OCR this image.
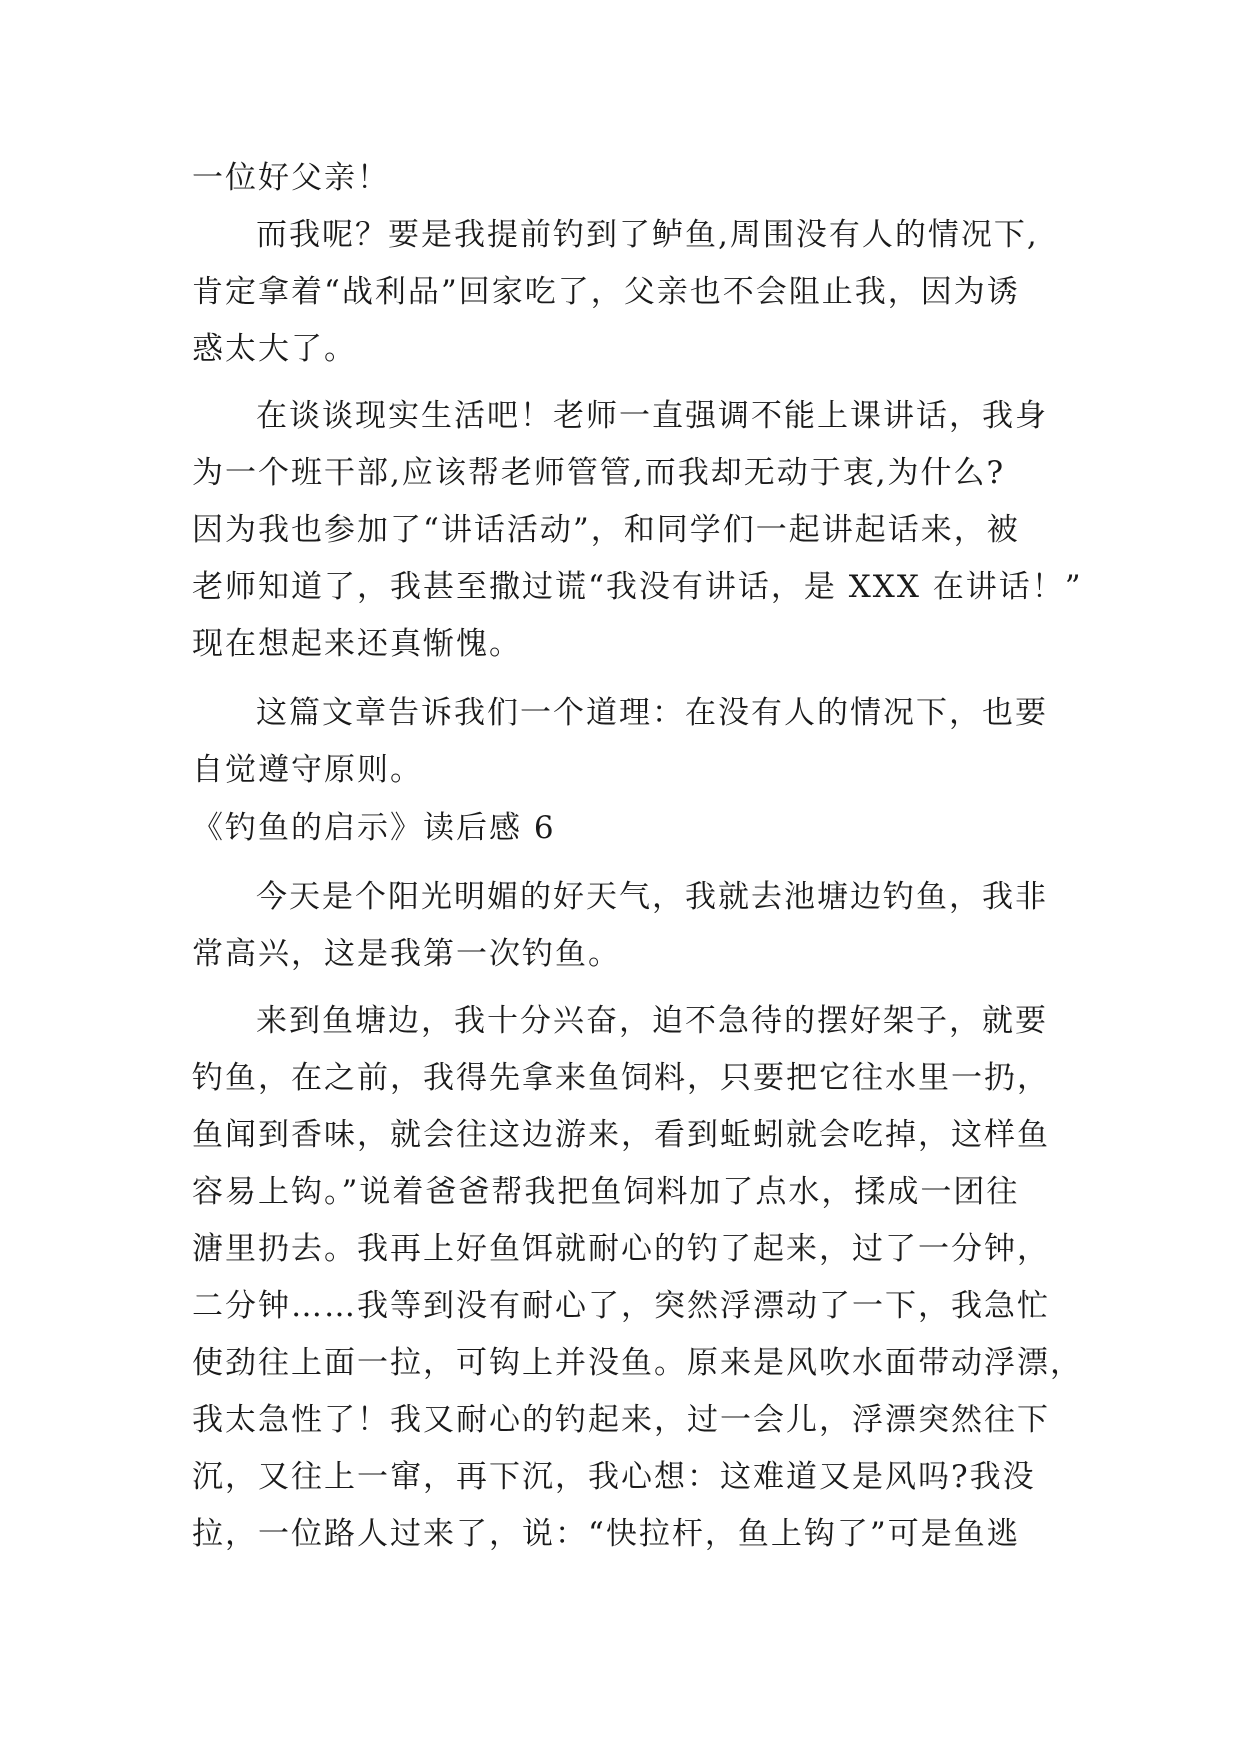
一位好父亲！
而我呢？要是我提前钓到了鲈鱼,周围没有人的情况下,
肯定拿着“战利品”回家吃了，父亲也不会阻止我，因为诱
惑太大了。
在谈谈现实生活吧！老师一直强调不能上课讲话，我身
为一个班干部,应该帮老师管管,而我却无动于衷,为什么?
因为我也参加了“讲话活动”，和同学们一起讲起话来，被
老师知道了，我甚至撒过谎“我没有讲话，是 XXX 在讲话！”
现在想起来还真惭愧。
这篇文章告诉我们一个道理：在没有人的情况下，也要
自觉遵守原则。
《钓鱼的启示》读后感 6
今天是个阳光明媚的好天气，我就去池塘边钓鱼，我非
常高兴，这是我第一次钓鱼。
来到鱼塘边，我十分兴奋，迫不急待的摆好架子，就要
钓鱼，在之前，我得先拿来鱼饲料，只要把它往水里一扔，
鱼闻到香味，就会往这边游来，看到蚯蚓就会吃掉，这样鱼
容易上钩。”说着爸爸帮我把鱼饲料加了点水，揉成一团往
溏里扔去。我再上好鱼饵就耐心的钓了起来，过了一分钟，
二分钟……我等到没有耐心了，突然浮漂动了一下，我急忙
使劲往上面一拉，可钩上并没鱼。原来是风吹水面带动浮漂，
我太急性了！我又耐心的钓起来，过一会儿，浮漂突然往下
沉，又往上一窜，再下沉，我心想：这难道又是风吗?我没
拉，一位路人过来了，说：“快拉杆，鱼上钩了”可是鱼逃
